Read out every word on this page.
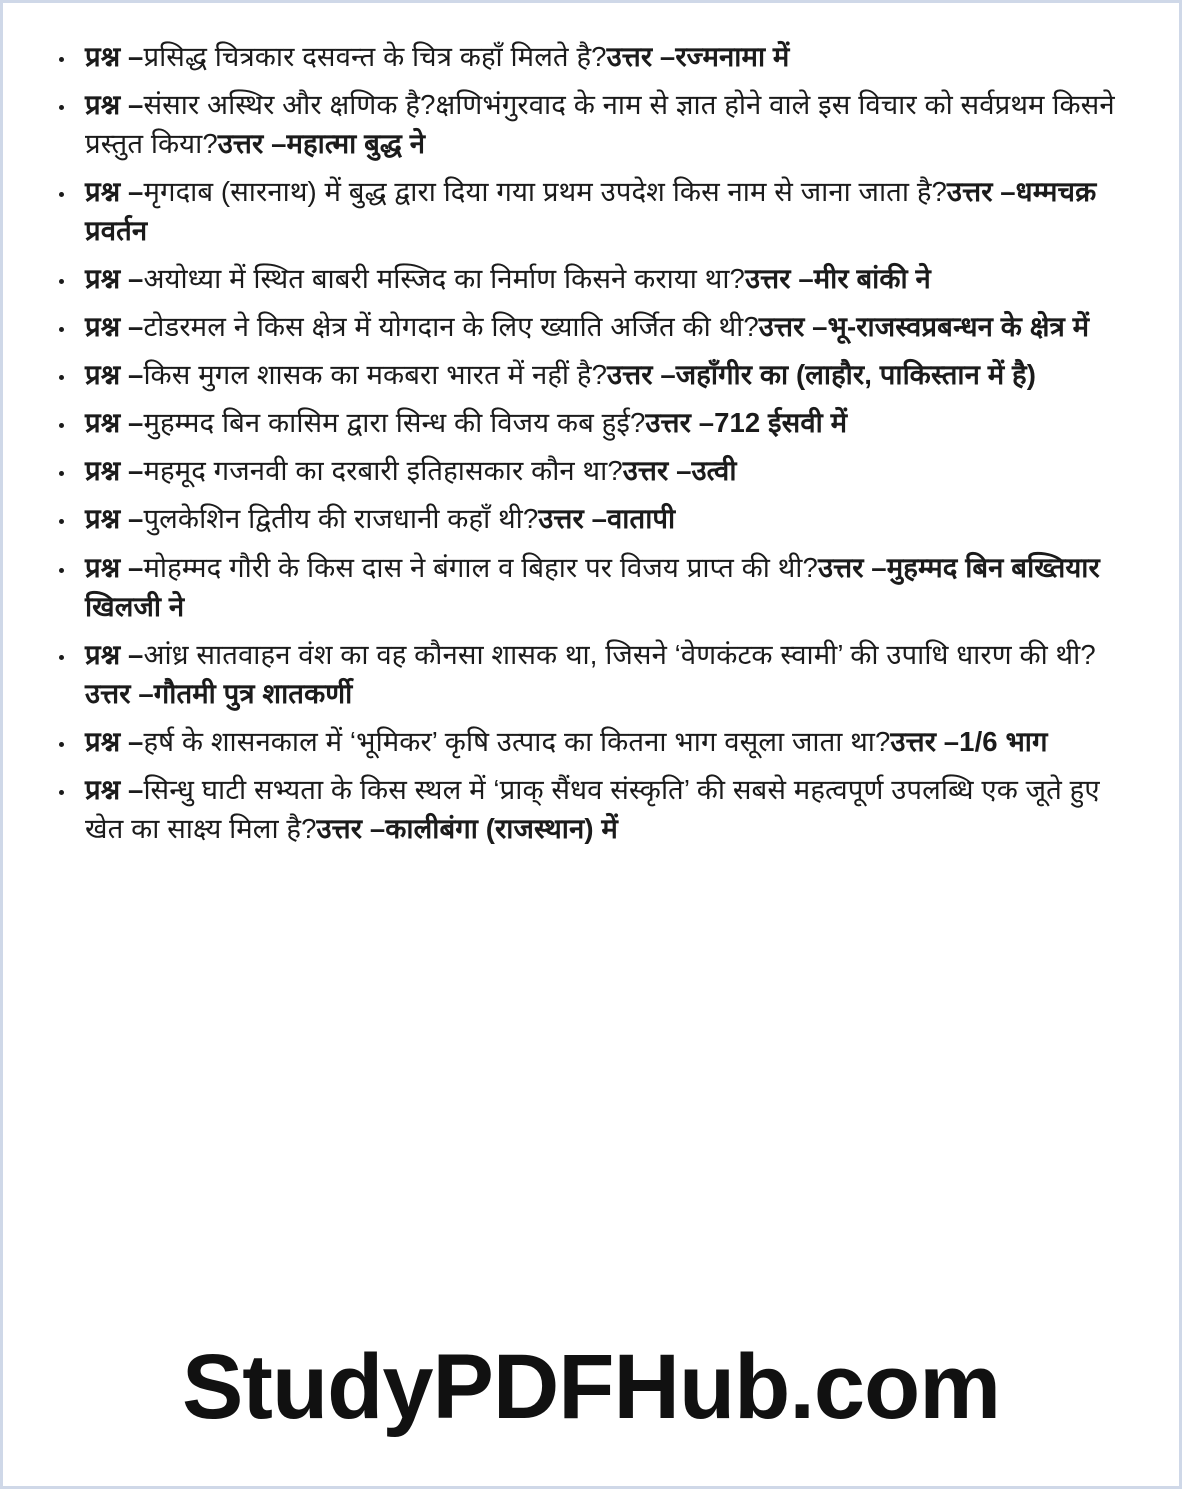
प्रश्न –प्रसिद्ध चित्रकार दसवन्त के चित्र कहाँ मिलते है?उत्तर –रज्मनामा में
प्रश्न –संसार अस्थिर और क्षणिक है?क्षणिभंगुरवाद के नाम से ज्ञात होने वाले इस विचार को सर्वप्रथम किसने प्रस्तुत किया?उत्तर –महात्मा बुद्ध ने
प्रश्न –मृगदाब (सारनाथ) में बुद्ध द्वारा दिया गया प्रथम उपदेश किस नाम से जाना जाता है?उत्तर –धम्मचक्र प्रवर्तन
प्रश्न –अयोध्या में स्थित बाबरी मस्जिद का निर्माण किसने कराया था?उत्तर –मीर बांकी ने
प्रश्न –टोडरमल ने किस क्षेत्र में योगदान के लिए ख्याति अर्जित की थी?उत्तर –भू-राजस्वप्रबन्धन के क्षेत्र में
प्रश्न –किस मुगल शासक का मकबरा भारत में नहीं है?उत्तर –जहाँगीर का (लाहौर, पाकिस्तान में है)
प्रश्न –मुहम्मद बिन कासिम द्वारा सिन्ध की विजय कब हुई?उत्तर –712 ईसवी में
प्रश्न –महमूद गजनवी का दरबारी इतिहासकार कौन था?उत्तर –उत्वी
प्रश्न –पुलकेशिन द्वितीय की राजधानी कहाँ थी?उत्तर –वातापी
प्रश्न –मोहम्मद गौरी के किस दास ने बंगाल व बिहार पर विजय प्राप्त की थी?उत्तर –मुहम्मद बिन बख्तियार खिलजी ने
प्रश्न –आंध्र सातवाहन वंश का वह कौनसा शासक था, जिसने ‘वेणकंटक स्वामी’ की उपाधि धारण की थी?उत्तर –गौतमी पुत्र शातकर्णी
प्रश्न –हर्ष के शासनकाल में ‘भूमिकर’ कृषि उत्पाद का कितना भाग वसूला जाता था?उत्तर –1/6 भाग
प्रश्न –सिन्धु घाटी सभ्यता के किस स्थल में ‘प्राक् सैंधव संस्कृति’ की सबसे महत्वपूर्ण उपलब्धि एक जूते हुए खेत का साक्ष्य मिला है?उत्तर –कालीबंगा (राजस्थान) में
StudyPDFHub.com
